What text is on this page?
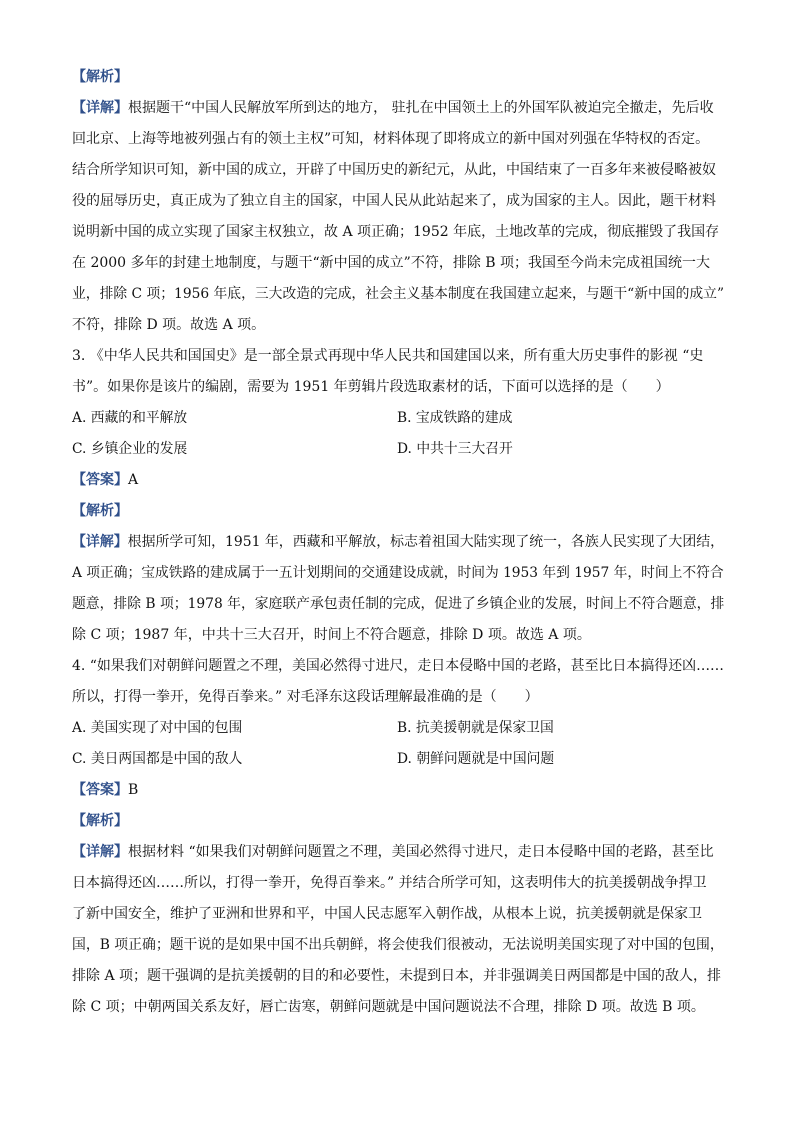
【解析】
【详解】根据题干“中国人民解放军所到达的地方， 驻扎在中国领土上的外国军队被迫完全撤走，先后收
回北京、上海等地被列强占有的领土主权”可知，材料体现了即将成立的新中国对列强在华特权的否定。
结合所学知识可知，新中国的成立，开辟了中国历史的新纪元，从此，中国结束了一百多年来被侵略被奴
役的屈辱历史，真正成为了独立自主的国家，中国人民从此站起来了，成为国家的主人。因此，题干材料
说明新中国的成立实现了国家主权独立，故 A 项正确；1952 年底，土地改革的完成，彻底摧毁了我国存
在 2000 多年的封建土地制度，与题干“新中国的成立”不符，排除 B 项；我国至今尚未完成祖国统一大
业，排除 C 项；1956 年底，三大改造的完成，社会主义基本制度在我国建立起来，与题干“新中国的成立”
不符，排除 D 项。故选 A 项。
3. 《中华人民共和国国史》是一部全景式再现中华人民共和国建国以来，所有重大历史事件的影视 “史
书”。如果你是该片的编剧，需要为 1951 年剪辑片段选取素材的话，下面可以选择的是（　　）
A. 西藏的和平解放	B. 宝成铁路的建成
C. 乡镇企业的发展	D. 中共十三大召开
【答案】A
【解析】
【详解】根据所学可知，1951 年，西藏和平解放，标志着祖国大陆实现了统一，各族人民实现了大团结，
A 项正确；宝成铁路的建成属于一五计划期间的交通建设成就，时间为 1953 年到 1957 年，时间上不符合
题意，排除 B 项；1978 年，家庭联产承包责任制的完成，促进了乡镇企业的发展，时间上不符合题意，排
除 C 项；1987 年，中共十三大召开，时间上不符合题意，排除 D 项。故选 A 项。
4. “如果我们对朝鲜问题置之不理，美国必然得寸进尺，走日本侵略中国的老路，甚至比日本搞得还凶……
所以，打得一拳开，免得百拳来。” 对毛泽东这段话理解最准确的是（　　）
A. 美国实现了对中国的包围	B. 抗美援朝就是保家卫国
C. 美日两国都是中国的敌人	D. 朝鲜问题就是中国问题
【答案】B
【解析】
【详解】根据材料 “如果我们对朝鲜问题置之不理，美国必然得寸进尺，走日本侵略中国的老路，甚至比
日本搞得还凶……所以，打得一拳开，免得百拳来。” 并结合所学可知，这表明伟大的抗美援朝战争捍卫
了新中国安全，维护了亚洲和世界和平，中国人民志愿军入朝作战，从根本上说，抗美援朝就是保家卫
国，B 项正确；题干说的是如果中国不出兵朝鲜，将会使我们很被动，无法说明美国实现了对中国的包围，
排除 A 项；题干强调的是抗美援朝的目的和必要性，未提到日本，并非强调美日两国都是中国的敌人，排
除 C 项；中朝两国关系友好，唇亡齿寒，朝鲜问题就是中国问题说法不合理，排除 D 项。故选 B 项。
